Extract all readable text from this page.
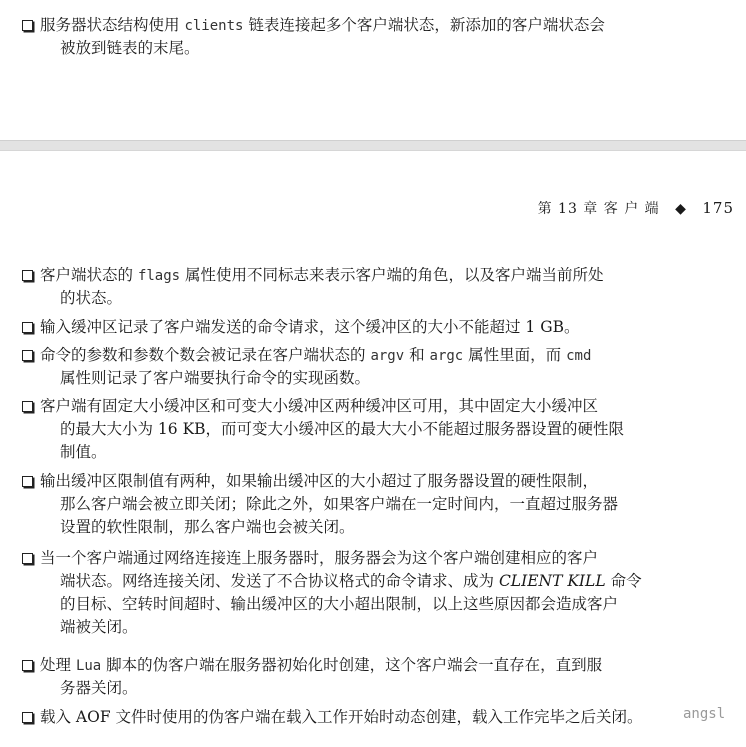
服务器状态结构使用 clients 链表连接起多个客户端状态，新添加的客户端状态会
被放到链表的末尾。
第 13 章 客 户 端 ◆ 175
客户端状态的 flags 属性使用不同标志来表示客户端的角色，以及客户端当前所处
的状态。
输入缓冲区记录了客户端发送的命令请求，这个缓冲区的大小不能超过 1 GB。
命令的参数和参数个数会被记录在客户端状态的 argv 和 argc 属性里面，而 cmd
属性则记录了客户端要执行命令的实现函数。
客户端有固定大小缓冲区和可变大小缓冲区两种缓冲区可用，其中固定大小缓冲区
的最大大小为 16 KB，而可变大小缓冲区的最大大小不能超过服务器设置的硬性限
制值。
输出缓冲区限制值有两种，如果输出缓冲区的大小超过了服务器设置的硬性限制，
那么客户端会被立即关闭；除此之外，如果客户端在一定时间内，一直超过服务器
设置的软性限制，那么客户端也会被关闭。
当一个客户端通过网络连接连上服务器时，服务器会为这个客户端创建相应的客户
端状态。网络连接关闭、发送了不合协议格式的命令请求、成为 CLIENT KILL 命令
的目标、空转时间超时、输出缓冲区的大小超出限制，以上这些原因都会造成客户
端被关闭。
处理 Lua 脚本的伪客户端在服务器初始化时创建，这个客户端会一直存在，直到服
务器关闭。
载入 AOF 文件时使用的伪客户端在载入工作开始时动态创建，载入工作完毕之后关闭。	angsl
